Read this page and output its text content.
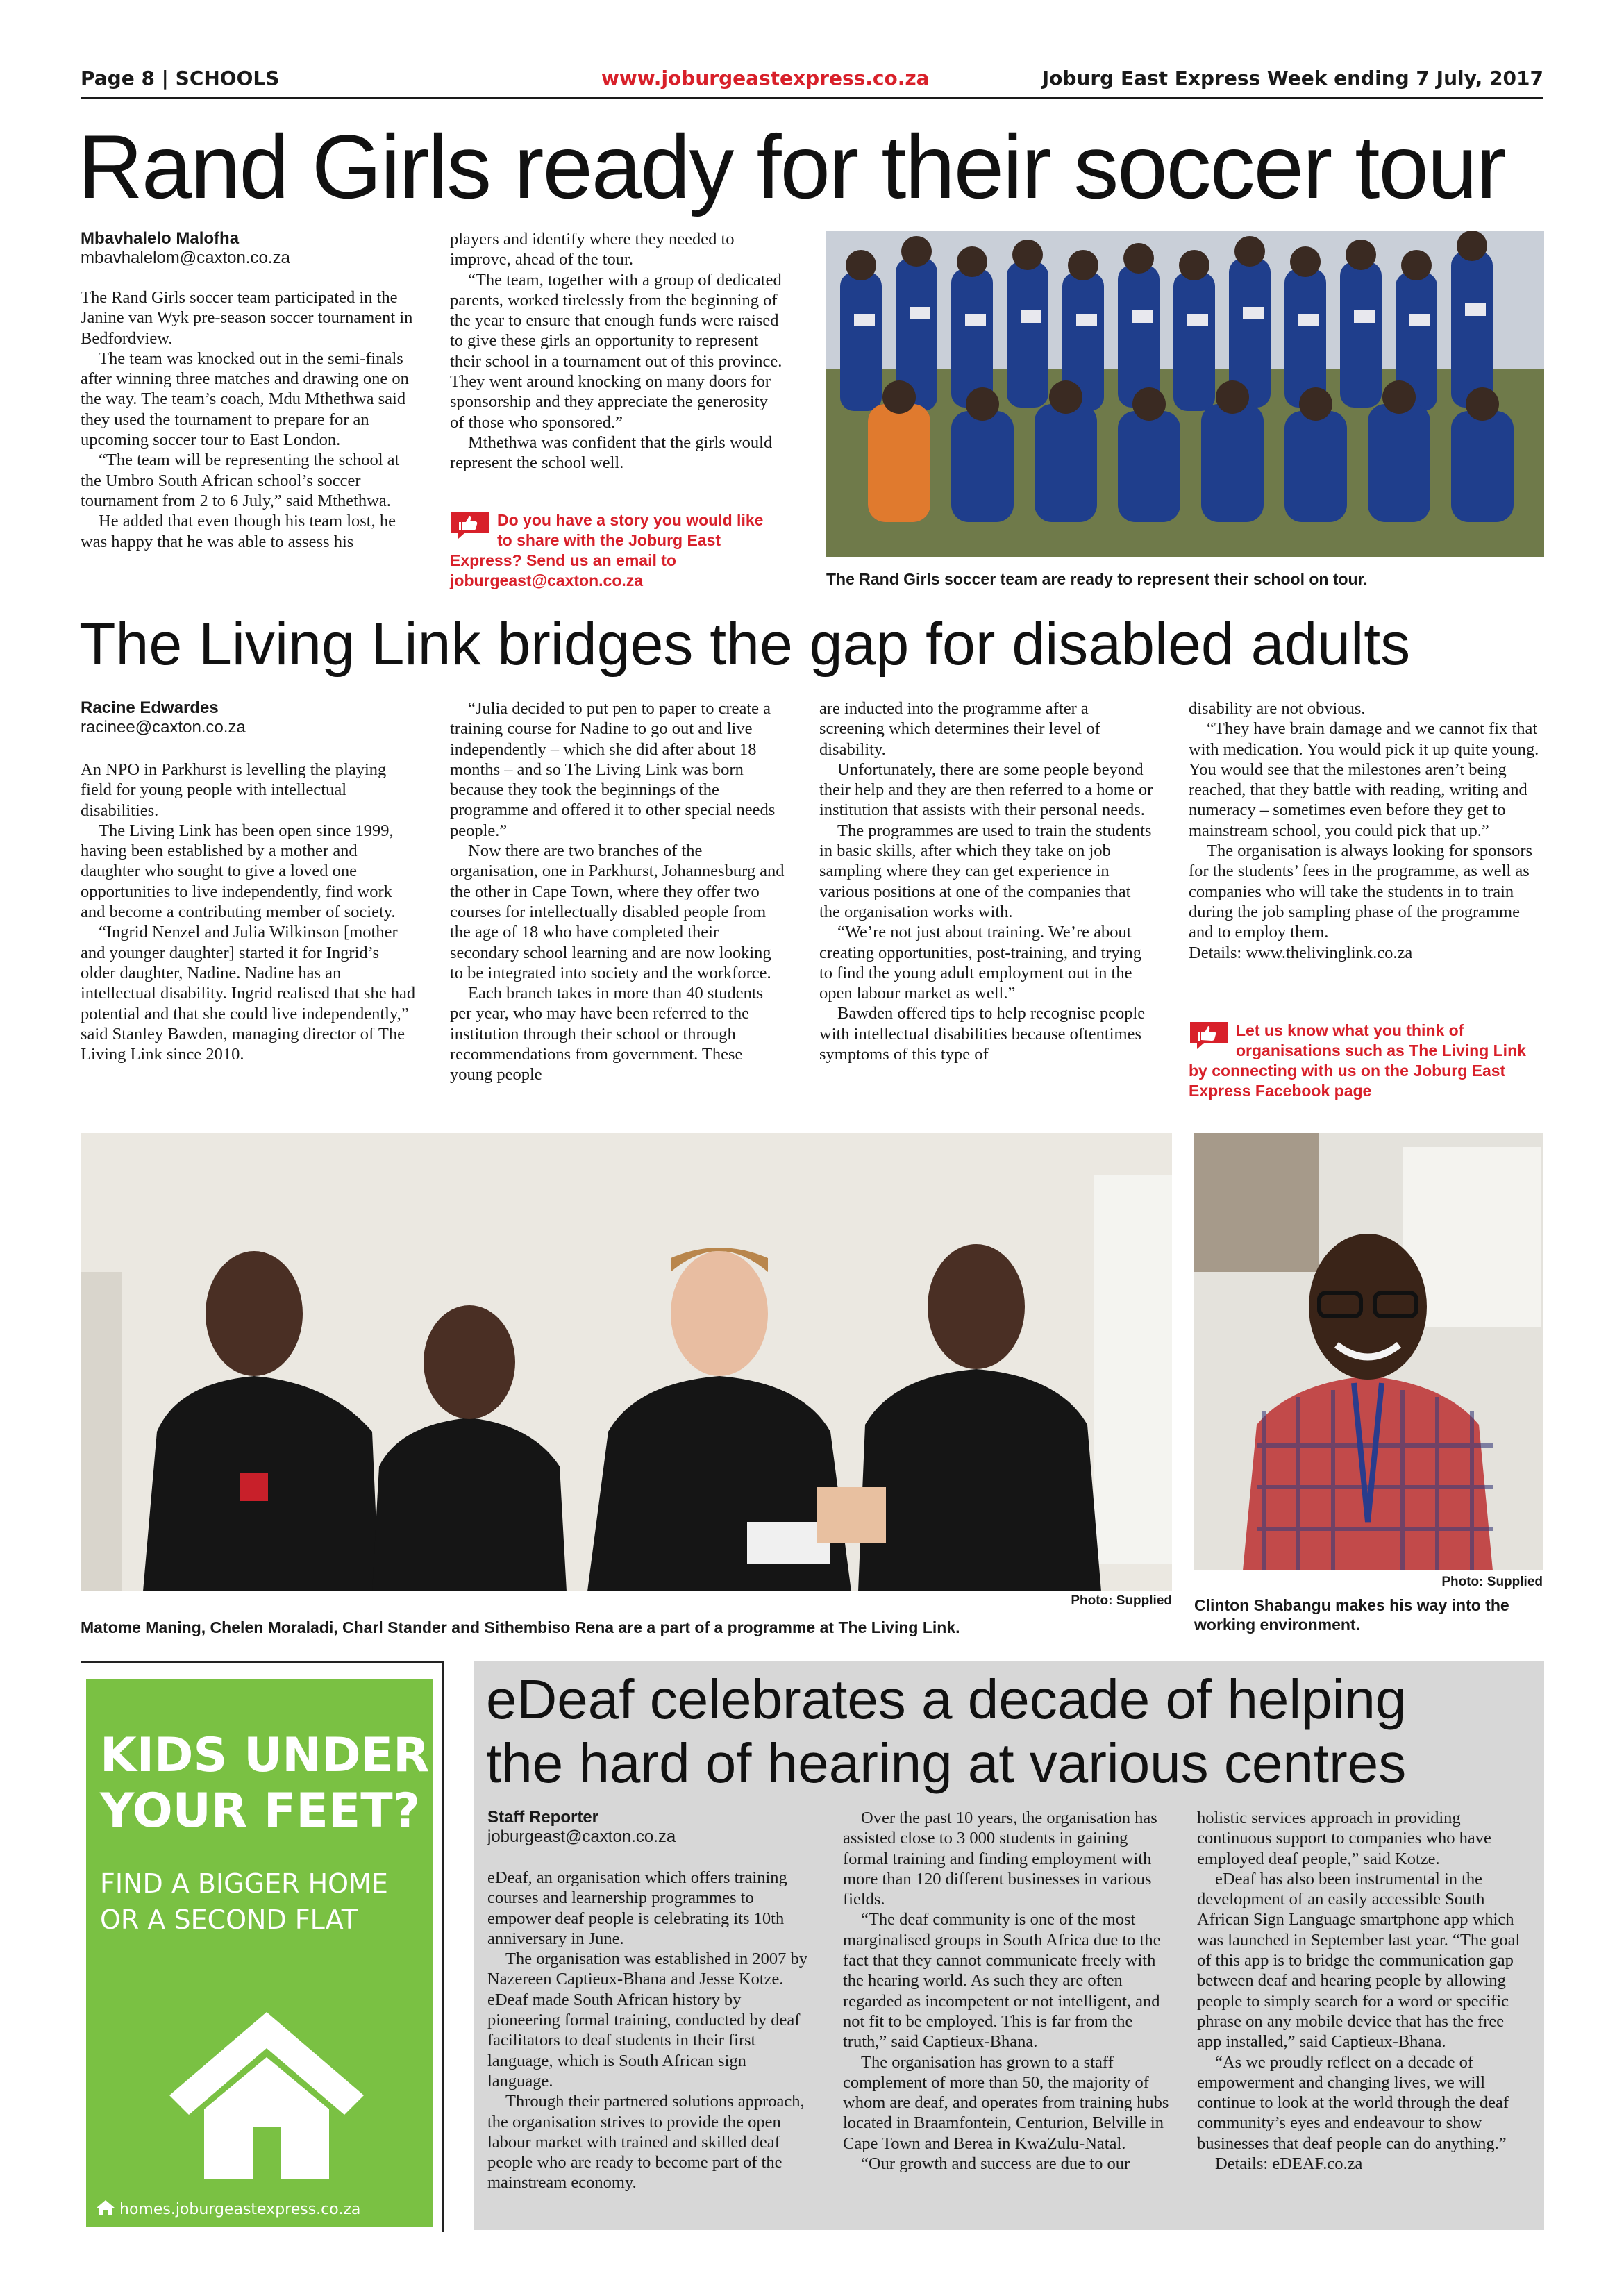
Page 8 | SCHOOLS	www.joburgeastexpress.co.za	Joburg East Express Week ending 7 July, 2017
Rand Girls ready for their soccer tour
Mbavhalelo Malofha
mbavhalelom@caxton.co.za

The Rand Girls soccer team participated in the Janine van Wyk pre-season soccer tournament in Bedfordview.

The team was knocked out in the semi-finals after winning three matches and drawing one on the way. The team’s coach, Mdu Mthethwa said they used the tournament to prepare for an upcoming soccer tour to East London.

“The team will be representing the school at the Umbro South African school’s soccer tournament from 2 to 6 July,” said Mthethwa.

He added that even though his team lost, he was happy that he was able to assess his

players and identify where they needed to improve, ahead of the tour.

“The team, together with a group of dedicated parents, worked tirelessly from the beginning of the year to ensure that enough funds were raised to give these girls an opportunity to represent their school in a tournament out of this province. They went around knocking on many doors for sponsorship and they appreciate the generosity of those who sponsored.”

Mthethwa was confident that the girls would represent the school well.

Do you have a story you would like to share with the Joburg East Express? Send us an email to joburgeast@caxton.co.za	The Rand Girls soccer team are ready to represent their school on tour.
The Living Link bridges the gap for disabled adults
Racine Edwardes
racinee@caxton.co.za

An NPO in Parkhurst is levelling the playing field for young people with intellectual disabilities.

The Living Link has been open since 1999, having been established by a mother and daughter who sought to give a loved one opportunities to live independently, find work and become a contributing member of society.

“Ingrid Nenzel and Julia Wilkinson [mother and younger daughter] started it for Ingrid’s older daughter, Nadine. Nadine has an intellectual disability. Ingrid realised that she had potential and that she could live independently,” said Stanley Bawden, managing director of The Living Link since 2010.

“Julia decided to put pen to paper to create a training course for Nadine to go out and live independently – which she did after about 18 months – and so The Living Link was born because they took the beginnings of the programme and offered it to other special needs people.”

Now there are two branches of the organisation, one in Parkhurst, Johannesburg and the other in Cape Town, where they offer two courses for intellectually disabled people from the age of 18 who have completed their secondary school learning and are now looking to be integrated into society and the workforce.

Each branch takes in more than 40 students per year, who may have been referred to the institution through their school or through recommendations from government. These young people

are inducted into the programme after a screening which determines their level of disability.

Unfortunately, there are some people beyond their help and they are then referred to a home or institution that assists with their personal needs.

The programmes are used to train the students in basic skills, after which they take on job sampling where they can get experience in various positions at one of the companies that the organisation works with.

“We’re not just about training. We’re about creating opportunities, post-training, and trying to find the young adult employment out in the open labour market as well.”

Bawden offered tips to help recognise people with intellectual disabilities because oftentimes symptoms of this type of

disability are not obvious.

“They have brain damage and we cannot fix that with medication. You would pick it up quite young. You would see that the milestones aren’t being reached, that they battle with reading, writing and numeracy – sometimes even before they get to mainstream school, you could pick that up.”

The organisation is always looking for sponsors for the students’ fees in the programme, as well as companies who will take the students in to train during the job sampling phase of the programme and to employ them.

Details: www.thelivinglink.co.za

Let us know what you think of organisations such as The Living Link by connecting with us on the Joburg East Express Facebook page
Photo: Supplied
Matome Maning, Chelen Moraladi, Charl Stander and Sithembiso Rena are a part of a programme at The Living Link.
Photo: Supplied
Clinton Shabangu makes his way into the working environment.
KIDS UNDER
YOUR FEET?
FIND A BIGGER HOME
OR A SECOND FLAT
homes.joburgeastexpress.co.za
eDeaf celebrates a decade of helping
the hard of hearing at various centres
Staff Reporter
joburgeast@caxton.co.za

eDeaf, an organisation which offers training courses and learnership programmes to empower deaf people is celebrating its 10th anniversary in June.

The organisation was established in 2007 by Nazereen Captieux-Bhana and Jesse Kotze. eDeaf made South African history by pioneering formal training, conducted by deaf facilitators to deaf students in their first language, which is South African sign language.

Through their partnered solutions approach, the organisation strives to provide the open labour market with trained and skilled deaf people who are ready to become part of the mainstream economy.

Over the past 10 years, the organisation has assisted close to 3 000 students in gaining formal training and finding employment with more than 120 different businesses in various fields.

“The deaf community is one of the most marginalised groups in South Africa due to the fact that they cannot communicate freely with the hearing world. As such they are often regarded as incompetent or not intelligent, and not fit to be employed. This is far from the truth,” said Captieux-Bhana.

The organisation has grown to a staff complement of more than 50, the majority of whom are deaf, and operates from training hubs located in Braamfontein, Centurion, Belville in Cape Town and Berea in KwaZulu-Natal.

“Our growth and success are due to our

holistic services approach in providing continuous support to companies who have employed deaf people,” said Kotze.

eDeaf has also been instrumental in the development of an easily accessible South African Sign Language smartphone app which was launched in September last year. “The goal of this app is to bridge the communication gap between deaf and hearing people by allowing people to simply search for a word or specific phrase on any mobile device that has the free app installed,” said Captieux-Bhana.

“As we proudly reflect on a decade of empowerment and changing lives, we will continue to look at the world through the deaf community’s eyes and endeavour to show businesses that deaf people can do anything.”

Details: eDEAF.co.za
